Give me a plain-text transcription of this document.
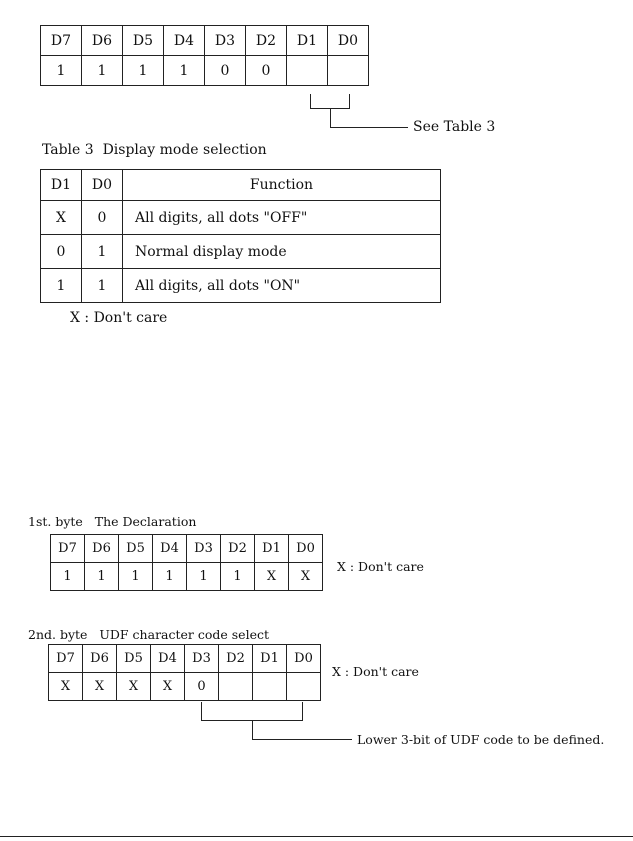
D7	D6	D5	D4	D3	D2	D1	D0
1	1	1	1	0	0		
See Table 3
Table 3  Display mode selection
D1	D0	Function
X	0	All digits, all dots "OFF"
0	1	Normal display mode
1	1	All digits, all dots "ON"
X : Don't care
1st. byte   The Declaration
D7	D6	D5	D4	D3	D2	D1	D0
1	1	1	1	1	1	X	X
X : Don't care
2nd. byte   UDF character code select
D7	D6	D5	D4	D3	D2	D1	D0
X	X	X	X	0			
X : Don't care
Lower 3-bit of UDF code to be defined.
